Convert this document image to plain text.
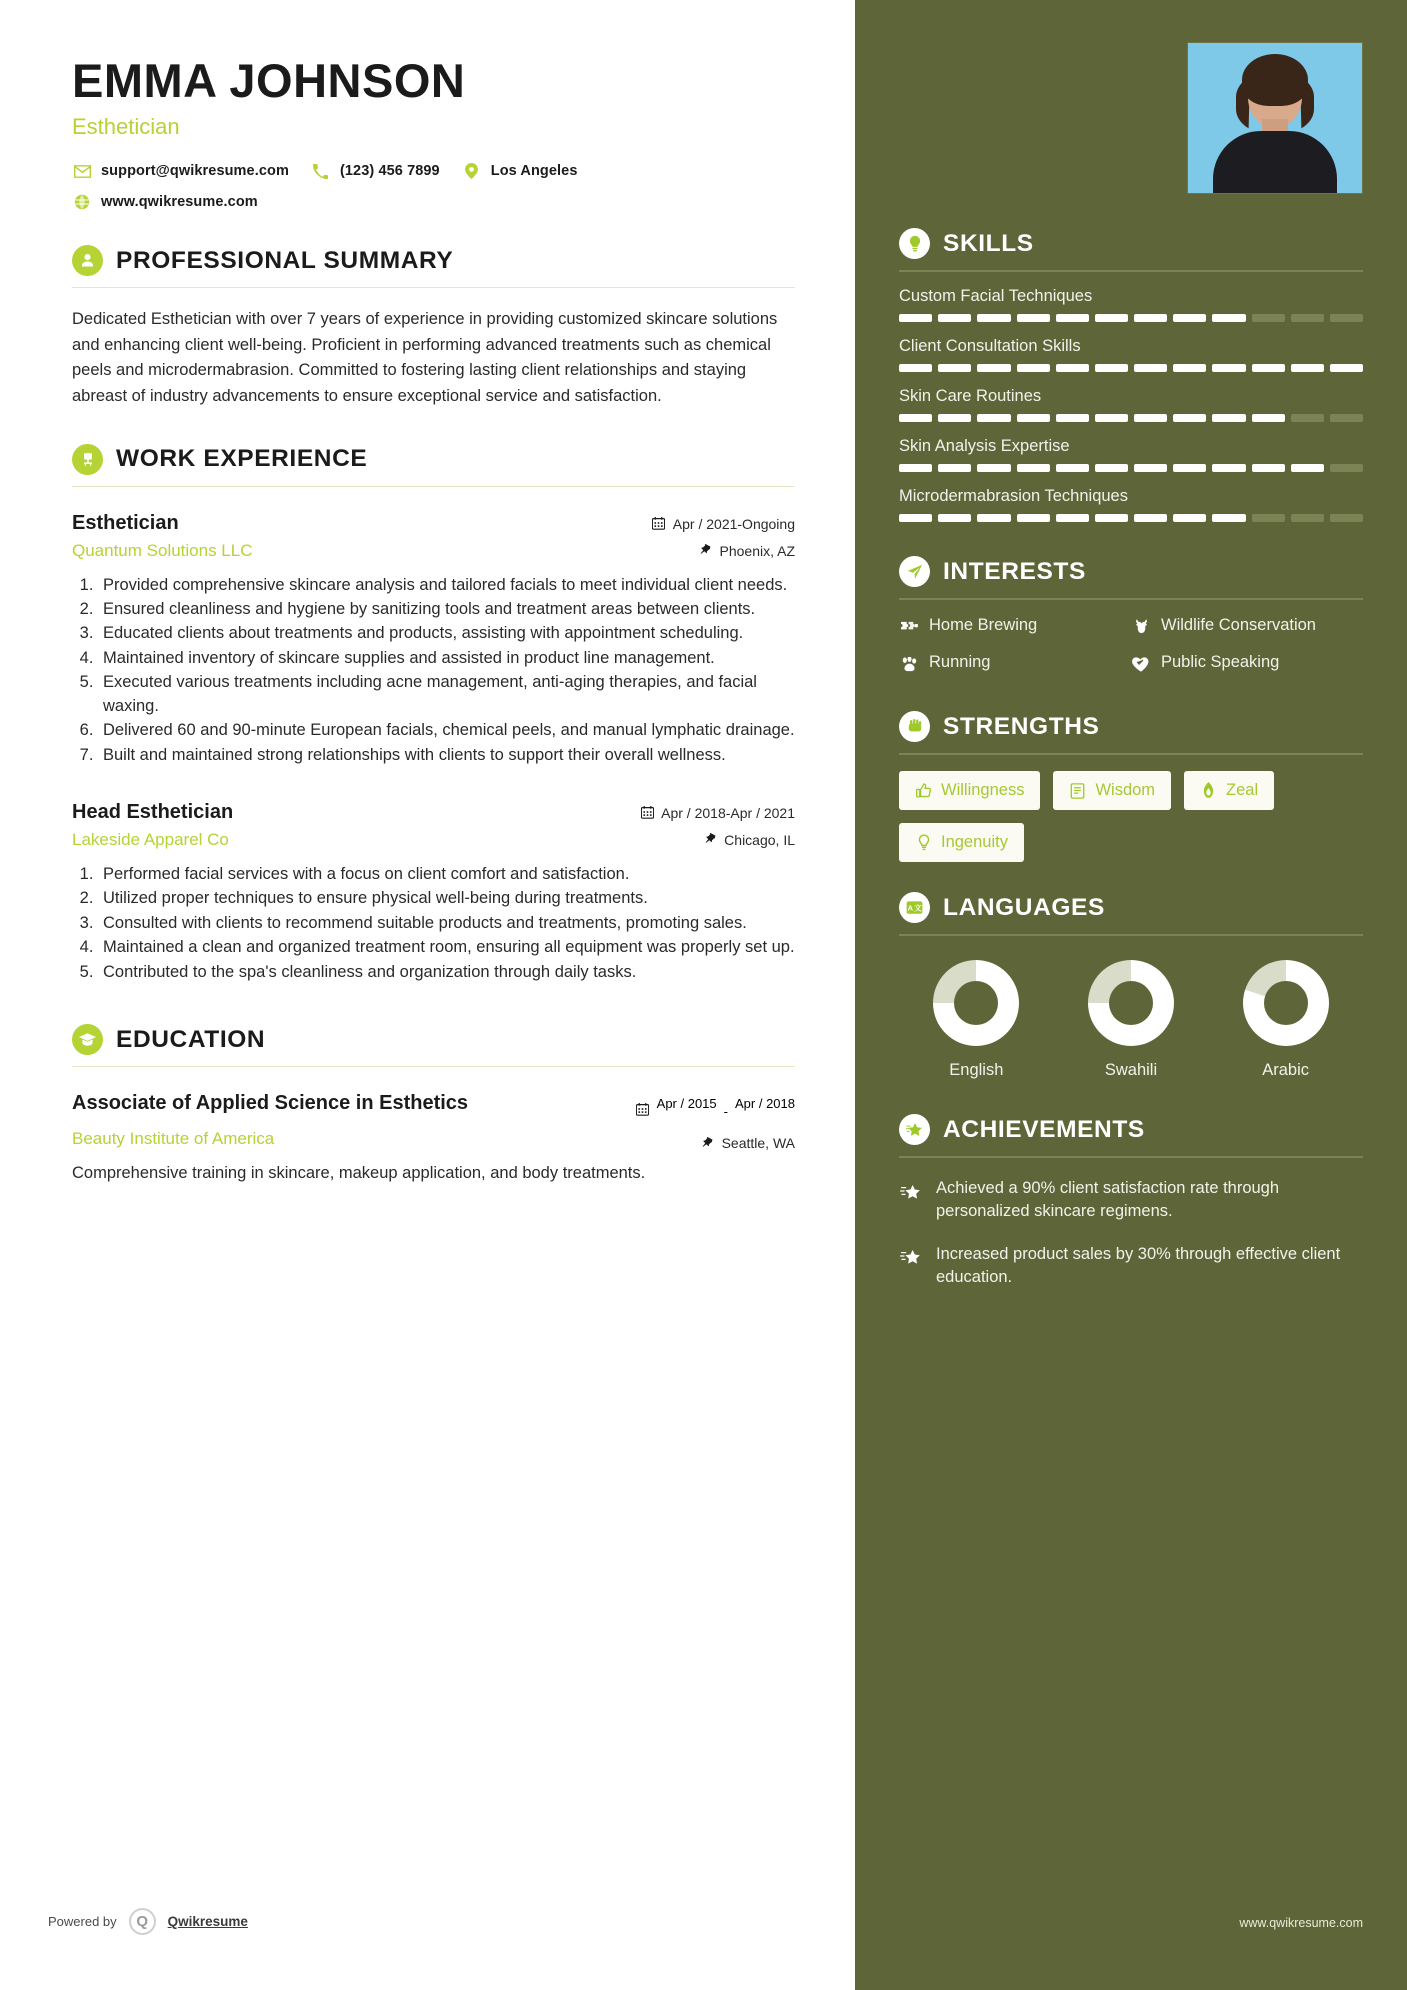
EMMA JOHNSON
Esthetician
support@qwikresume.com	(123) 456 7899	Los Angeles
www.qwikresume.com
PROFESSIONAL SUMMARY

Dedicated Esthetician with over 7 years of experience in providing customized skincare solutions and enhancing client well-being. Proficient in performing advanced treatments such as chemical peels and microdermabrasion. Committed to fostering lasting client relationships and staying abreast of industry advancements to ensure exceptional service and satisfaction.

WORK EXPERIENCE
Esthetician
Quantum Solutions LLC
Apr / 2021-Ongoing
Phoenix, AZ
1. Provided comprehensive skincare analysis and tailored facials to meet individual client needs.
2. Ensured cleanliness and hygiene by sanitizing tools and treatment areas between clients.
3. Educated clients about treatments and products, assisting with appointment scheduling.
4. Maintained inventory of skincare supplies and assisted in product line management.
5. Executed various treatments including acne management, anti-aging therapies, and facial waxing.
6. Delivered 60 and 90-minute European facials, chemical peels, and manual lymphatic drainage.
7. Built and maintained strong relationships with clients to support their overall wellness.
Head Esthetician
Lakeside Apparel Co
Apr / 2018-Apr / 2021
Chicago, IL
1. Performed facial services with a focus on client comfort and satisfaction.
2. Utilized proper techniques to ensure physical well-being during treatments.
3. Consulted with clients to recommend suitable products and treatments, promoting sales.
4. Maintained a clean and organized treatment room, ensuring all equipment was properly set up.
5. Contributed to the spa's cleanliness and organization through daily tasks.
EDUCATION
Associate of Applied Science in Esthetics
Beauty Institute of America
Apr / 2015
-
Apr / 2018
Seattle, WA

Comprehensive training in skincare, makeup application, and body treatments.

Powered by	Q	Qwikresume
SKILLS
Custom Facial Techniques
Client Consultation Skills
Skin Care Routines
Skin Analysis Expertise
Microdermabrasion Techniques
INTERESTS
Home Brewing	Wildlife Conservation
Running	Public Speaking
STRENGTHS
Willingness	Wisdom	Zeal
Ingenuity
A 文 LANGUAGES
English	Swahili	Arabic
ACHIEVEMENTS
Achieved a 90% client satisfaction rate through personalized skincare regimens.
Increased product sales by 30% through effective client education.
www.qwikresume.com
